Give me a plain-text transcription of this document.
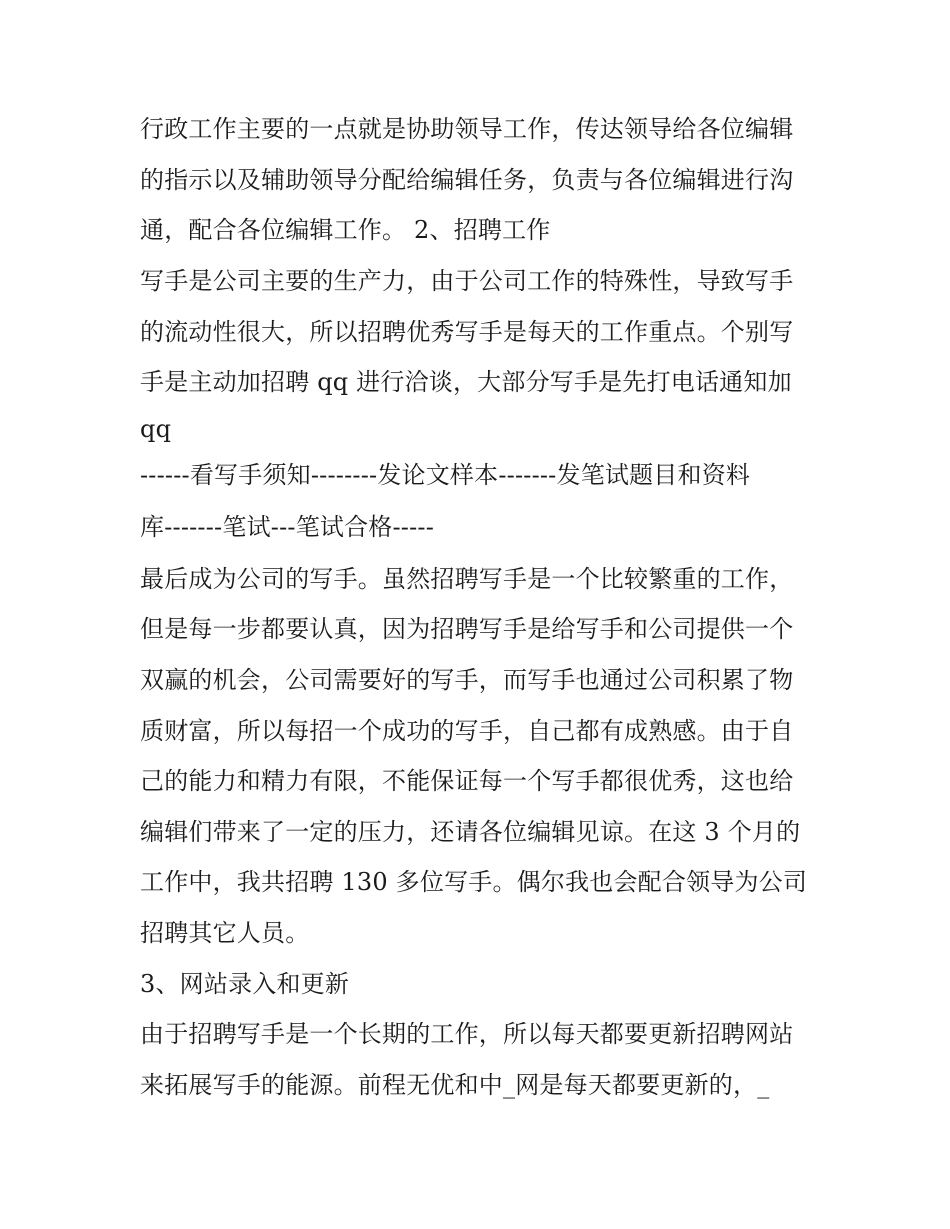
行政工作主要的一点就是协助领导工作，传达领导给各位编辑
的指示以及辅助领导分配给编辑任务，负责与各位编辑进行沟
通，配合各位编辑工作。 2、招聘工作
写手是公司主要的生产力，由于公司工作的特殊性，导致写手
的流动性很大，所以招聘优秀写手是每天的工作重点。个别写
手是主动加招聘 qq 进行洽谈，大部分写手是先打电话通知加
qq
------看写手须知--------发论文样本-------发笔试题目和资料
库-------笔试---笔试合格-----
最后成为公司的写手。虽然招聘写手是一个比较繁重的工作，
但是每一步都要认真，因为招聘写手是给写手和公司提供一个
双赢的机会，公司需要好的写手，而写手也通过公司积累了物
质财富，所以每招一个成功的写手，自己都有成熟感。由于自
己的能力和精力有限，不能保证每一个写手都很优秀，这也给
编辑们带来了一定的压力，还请各位编辑见谅。在这 3 个月的
工作中，我共招聘 130 多位写手。偶尔我也会配合领导为公司
招聘其它人员。
3、网站录入和更新
由于招聘写手是一个长期的工作，所以每天都要更新招聘网站
来拓展写手的能源。前程无优和中_网是每天都要更新的，_
